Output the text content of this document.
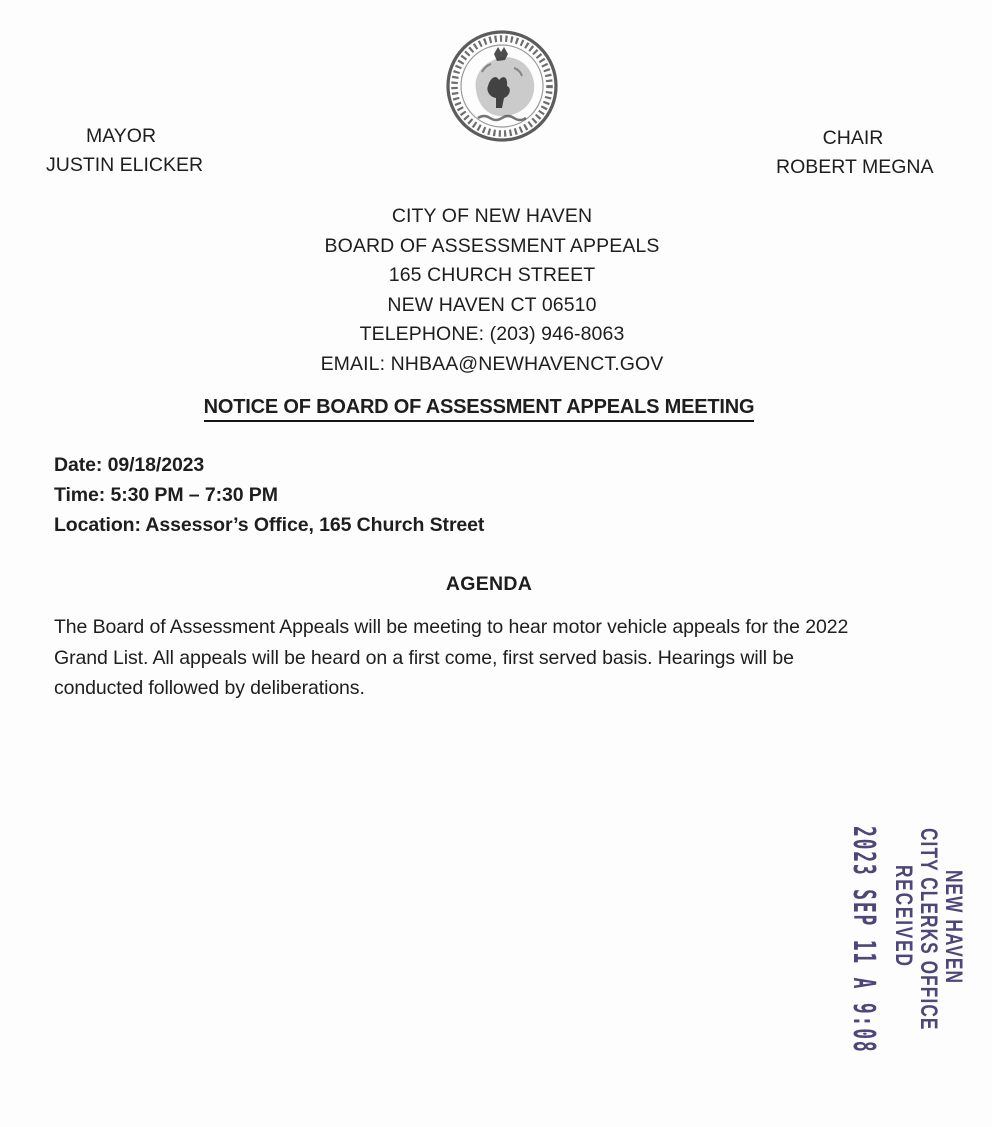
MAYOR
JUSTIN ELICKER
CHAIR
ROBERT MEGNA
CITY OF NEW HAVEN
BOARD OF ASSESSMENT APPEALS
165 CHURCH STREET
NEW HAVEN CT 06510
TELEPHONE: (203) 946-8063
EMAIL: NHBAA@NEWHAVENCT.GOV
NOTICE OF BOARD OF ASSESSMENT APPEALS MEETING
Date: 09/18/2023
Time: 5:30 PM – 7:30 PM
Location: Assessor’s Office, 165 Church Street
AGENDA
The Board of Assessment Appeals will be meeting to hear motor vehicle appeals for the 2022
Grand List. All appeals will be heard on a first come, first served basis. Hearings will be
conducted followed by deliberations.
NEW HAVEN
CITY CLERKS OFFICE
RECEIVED
2023 SEP 11 A 9:08
